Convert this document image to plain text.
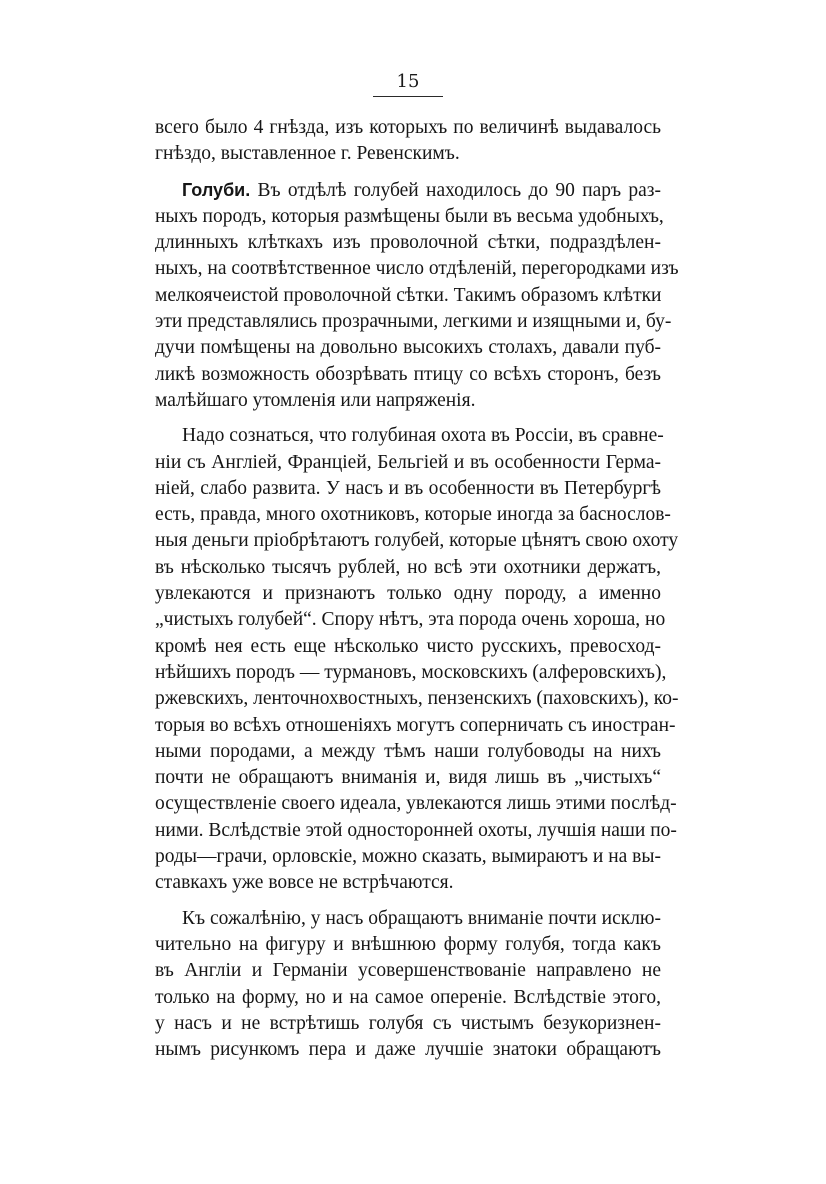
15
всего было 4 гнѣзда, изъ которыхъ по величинѣ выдавалось
гнѣздо, выставленное г. Ревенскимъ.
Голуби. Въ отдѣлѣ голубей находилось до 90 паръ раз-
ныхъ породъ, которыя размѣщены были въ весьма удобныхъ,
длинныхъ клѣткахъ изъ проволочной сѣтки, подраздѣлен-
ныхъ, на соотвѣтственное число отдѣленій, перегородками изъ
мелкоячеистой проволочной сѣтки. Такимъ образомъ клѣтки
эти представлялись прозрачными, легкими и изящными и, бу-
дучи помѣщены на довольно высокихъ столахъ, давали пуб-
ликѣ возможность обозрѣвать птицу со всѣхъ сторонъ, безъ
малѣйшаго утомленія или напряженія.
Надо сознаться, что голубиная охота въ Россіи, въ сравне-
ніи съ Англіей, Франціей, Бельгіей и въ особенности Герма-
ніей, слабо развита. У насъ и въ особенности въ Петербургѣ
есть, правда, много охотниковъ, которые иногда за баснослов-
ныя деньги пріобрѣтаютъ голубей, которые цѣнятъ свою охоту
въ нѣсколько тысячъ рублей, но всѣ эти охотники держатъ,
увлекаются и признаютъ только одну породу, а именно
„чистыхъ голубей“. Спору нѣтъ, эта порода очень хороша, но
кромѣ нея есть еще нѣсколько чисто русскихъ, превосход-
нѣйшихъ породъ — турмановъ, московскихъ (алферовскихъ),
ржевскихъ, ленточнохвостныхъ, пензенскихъ (паховскихъ), ко-
торыя во всѣхъ отношеніяхъ могутъ соперничать съ иностран-
ными породами, а между тѣмъ наши голубоводы на нихъ
почти не обращаютъ вниманія и, видя лишь въ „чистыхъ“
осуществленіе своего идеала, увлекаются лишь этими послѣд-
ними. Вслѣдствіе этой односторонней охоты, лучшія наши по-
роды—грачи, орловскіе, можно сказать, вымираютъ и на вы-
ставкахъ уже вовсе не встрѣчаются.
Къ сожалѣнію, у насъ обращаютъ вниманіе почти исклю-
чительно на фигуру и внѣшнюю форму голубя, тогда какъ
въ Англіи и Германіи усовершенствованіе направлено не
только на форму, но и на самое опереніе. Вслѣдствіе этого,
у насъ и не встрѣтишь голубя съ чистымъ безукоризнен-
нымъ рисункомъ пера и даже лучшіе знатоки обращаютъ
